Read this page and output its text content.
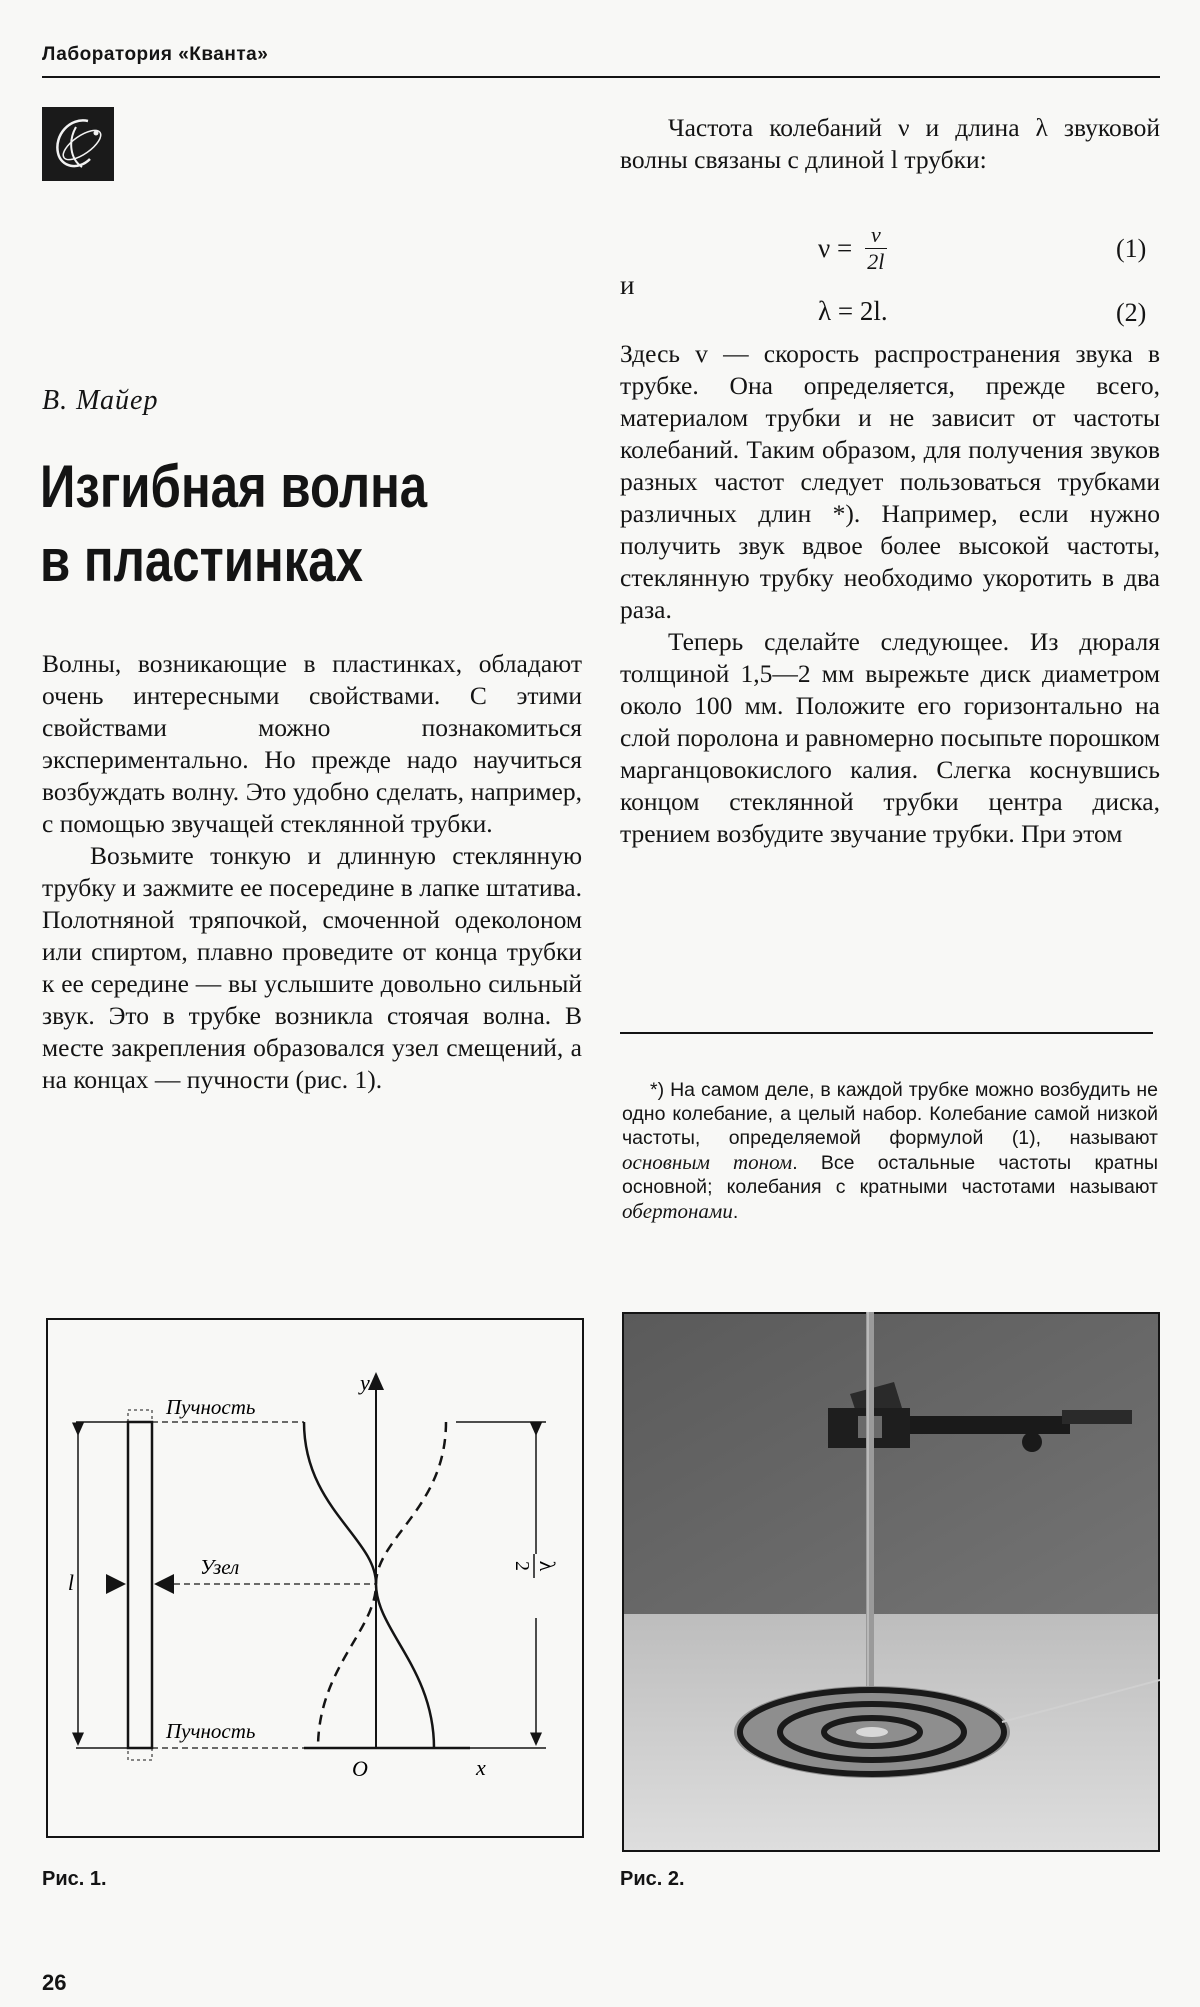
Лаборатория «Кванта»
В. Майер
Изгибная волна
в пластинках

Волны, возникающие в пластинках, обладают очень интересными свойствами. С этими свойствами можно познакомиться экспериментально. Но прежде надо научиться возбуждать волну. Это удобно сделать, например, с помощью звучащей стеклянной трубки.

Возьмите тонкую и длинную стеклянную трубку и зажмите ее посередине в лапке штатива. Полотняной тряпочкой, смоченной одеколоном или спиртом, плавно проведите от конца трубки к ее середине — вы услышите довольно сильный звук. Это в трубке возникла стоячая волна. В месте закрепления образовался узел смещений, а на концах — пучности (рис. 1).

Частота колебаний ν и длина λ звуковой волны связаны с длиной l трубки:

$\nu = \frac{v}{2l}$	(1)
и
λ = 2l.	(2)

Здесь v — скорость распространения звука в трубке. Она определяется, прежде всего, материалом трубки и не зависит от частоты колебаний. Таким образом, для получения звуков разных частот следует пользоваться трубками различных длин *). Например, если нужно получить звук вдвое более высокой частоты, стеклянную трубку необходимо укоротить в два раза.

Теперь сделайте следующее. Из дюраля толщиной 1,5—2 мм вырежьте диск диаметром около 100 мм. Положите его горизонтально на слой поролона и равномерно посыпьте порошком марганцовокислого калия. Слегка коснувшись концом стеклянной трубки центра диска, трением возбудите звучание трубки. При этом

*) На самом деле, в каждой трубке можно возбудить не одно колебание, а целый набор. Колебание самой низкой частоты, определяемой формулой (1), называют основным тоном. Все остальные частоты кратны основной; колебания с кратными частотами называют обертонами.

l
Пучность
Узел
Пучность
y
x
O
λ
2
Рис. 1.	Рис. 2.
26
